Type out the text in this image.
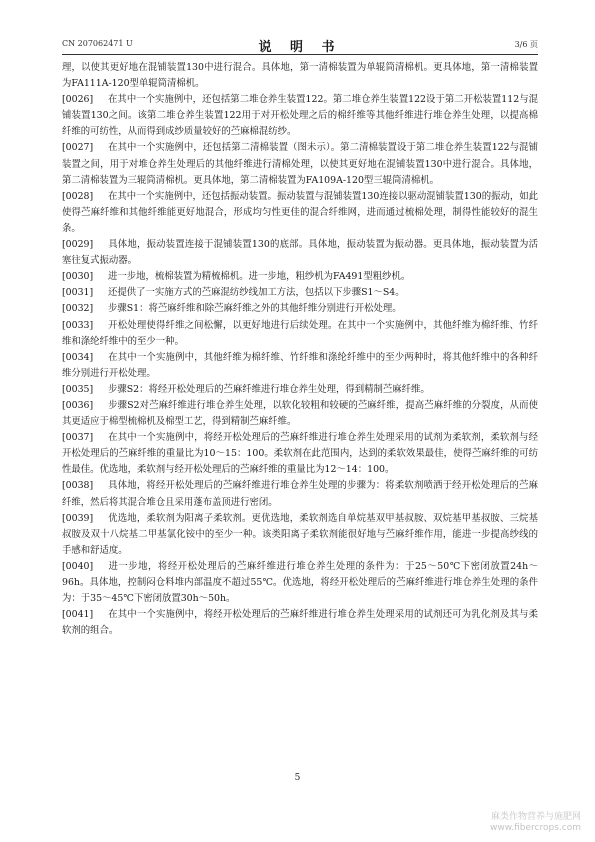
CN 207062471 U	说 明 书	3/6 页

理，以使其更好地在混铺装置130中进行混合。具体地，第一清棉装置为单辊筒清棉机。更具体地，第一清棉装置为FA111A-120型单辊筒清棉机。

[0026] 在其中一个实施例中，还包括第二堆仓养生装置122。第二堆仓养生装置122设于第二开松装置112与混铺装置130之间。该第二堆仓养生装置122用于对开松处理之后的棉纤维等其他纤维进行堆仓养生处理，以提高棉纤维的可纺性，从而得到成纱质量较好的苎麻棉混纺纱。

[0027] 在其中一个实施例中，还包括第二清棉装置（图未示）。第二清棉装置设于第二堆仓养生装置122与混铺装置之间，用于对堆仓养生处理后的其他纤维进行清棉处理，以使其更好地在混铺装置130中进行混合。具体地，第二清棉装置为三辊筒清棉机。更具体地，第二清棉装置为FA109A-120型三辊筒清棉机。

[0028] 在其中一个实施例中，还包括振动装置。振动装置与混铺装置130连接以驱动混铺装置130的振动，如此使得苎麻纤维和其他纤维能更好地混合，形成均匀性更佳的混合纤维网，进而通过梳棉处理，制得性能较好的混生条。

[0029] 具体地，振动装置连接于混铺装置130的底部。具体地，振动装置为振动器。更具体地，振动装置为活塞往复式振动器。

[0030] 进一步地，梳棉装置为精梳棉机。进一步地，粗纱机为FA491型粗纱机。

[0031] 还提供了一实施方式的苎麻混纺纱线加工方法，包括以下步骤S1～S4。

[0032] 步骤S1：将苎麻纤维和除苎麻纤维之外的其他纤维分别进行开松处理。

[0033] 开松处理使得纤维之间松懈，以更好地进行后续处理。在其中一个实施例中，其他纤维为棉纤维、竹纤维和涤纶纤维中的至少一种。

[0034] 在其中一个实施例中，其他纤维为棉纤维、竹纤维和涤纶纤维中的至少两种时，将其他纤维中的各种纤维分别进行开松处理。

[0035] 步骤S2：将经开松处理后的苎麻纤维进行堆仓养生处理，得到精制苎麻纤维。

[0036] 步骤S2对苎麻纤维进行堆仓养生处理，以软化较粗和较硬的苎麻纤维，提高苎麻纤维的分裂度，从而使其更适应于棉型梳棉机及棉型工艺，得到精制苎麻纤维。

[0037] 在其中一个实施例中，将经开松处理后的苎麻纤维进行堆仓养生处理采用的试剂为柔软剂，柔软剂与经开松处理后的苎麻纤维的重量比为10～15：100。柔软剂在此范围内，达到的柔软效果最佳，使得苎麻纤维的可纺性最佳。优选地，柔软剂与经开松处理后的苎麻纤维的重量比为12～14：100。

[0038] 具体地，将经开松处理后的苎麻纤维进行堆仓养生处理的步骤为：将柔软剂喷洒于经开松处理后的苎麻纤维，然后将其混合堆仓且采用蓬布盖顶进行密闭。

[0039] 优选地，柔软剂为阳离子柔软剂。更优选地，柔软剂选自单烷基双甲基叔胺、双烷基甲基叔胺、三烷基叔胺及双十八烷基二甲基氯化铵中的至少一种。该类阳离子柔软剂能很好地与苎麻纤维作用，能进一步提高纱线的手感和舒适度。

[0040] 进一步地，将经开松处理后的苎麻纤维进行堆仓养生处理的条件为：于25～50℃下密闭放置24h～96h。具体地，控制闷仓料堆内部温度不超过55℃。优选地，将经开松处理后的苎麻纤维进行堆仓养生处理的条件为：于35～45℃下密闭放置30h～50h。

[0041] 在其中一个实施例中，将经开松处理后的苎麻纤维进行堆仓养生处理采用的试剂还可为乳化剂及其与柔软剂的组合。

5
麻类作物营养与施肥网
www.fibercrops.com
